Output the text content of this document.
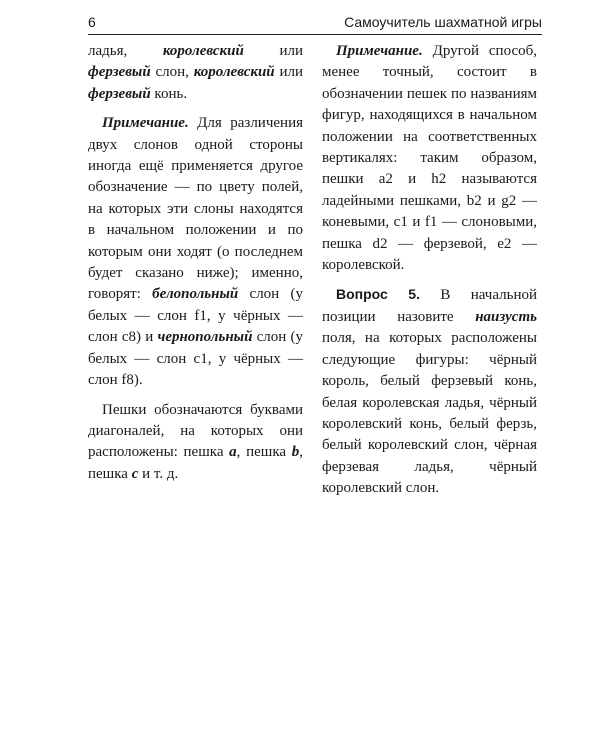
6	Самоучитель шахматной игры

ладья, королевский или ферзевый слон, королевский или ферзевый конь.

Примечание. Для различения двух слонов одной стороны иногда ещё применяется другое обозначение — по цвету полей, на которых эти слоны находятся в начальном положении и по которым они ходят (о последнем будет сказано ниже); именно, говорят: белопольный слон (у белых — слон f1, у чёрных — слон c8) и чернопольный слон (у белых — слон c1, у чёрных — слон f8).

Пешки обозначаются буквами диагоналей, на которых они расположены: пешка a, пешка b, пешка c и т. д.

Примечание. Другой способ, менее точный, состоит в обозначении пешек по названиям фигур, находящихся в начальном положении на соответственных вертикалях: таким образом, пешки a2 и h2 называются ладейными пешками, b2 и g2 — коневыми, c1 и f1 — слоновыми, пешка d2 — ферзевой, e2 — королевской.

Вопрос 5. В начальной позиции назовите наизусть поля, на которых расположены следующие фигуры: чёрный король, белый ферзевый конь, белая королевская ладья, чёрный королевский конь, белый ферзь, белый королевский слон, чёрная ферзевая ладья, чёрный королевский слон.
